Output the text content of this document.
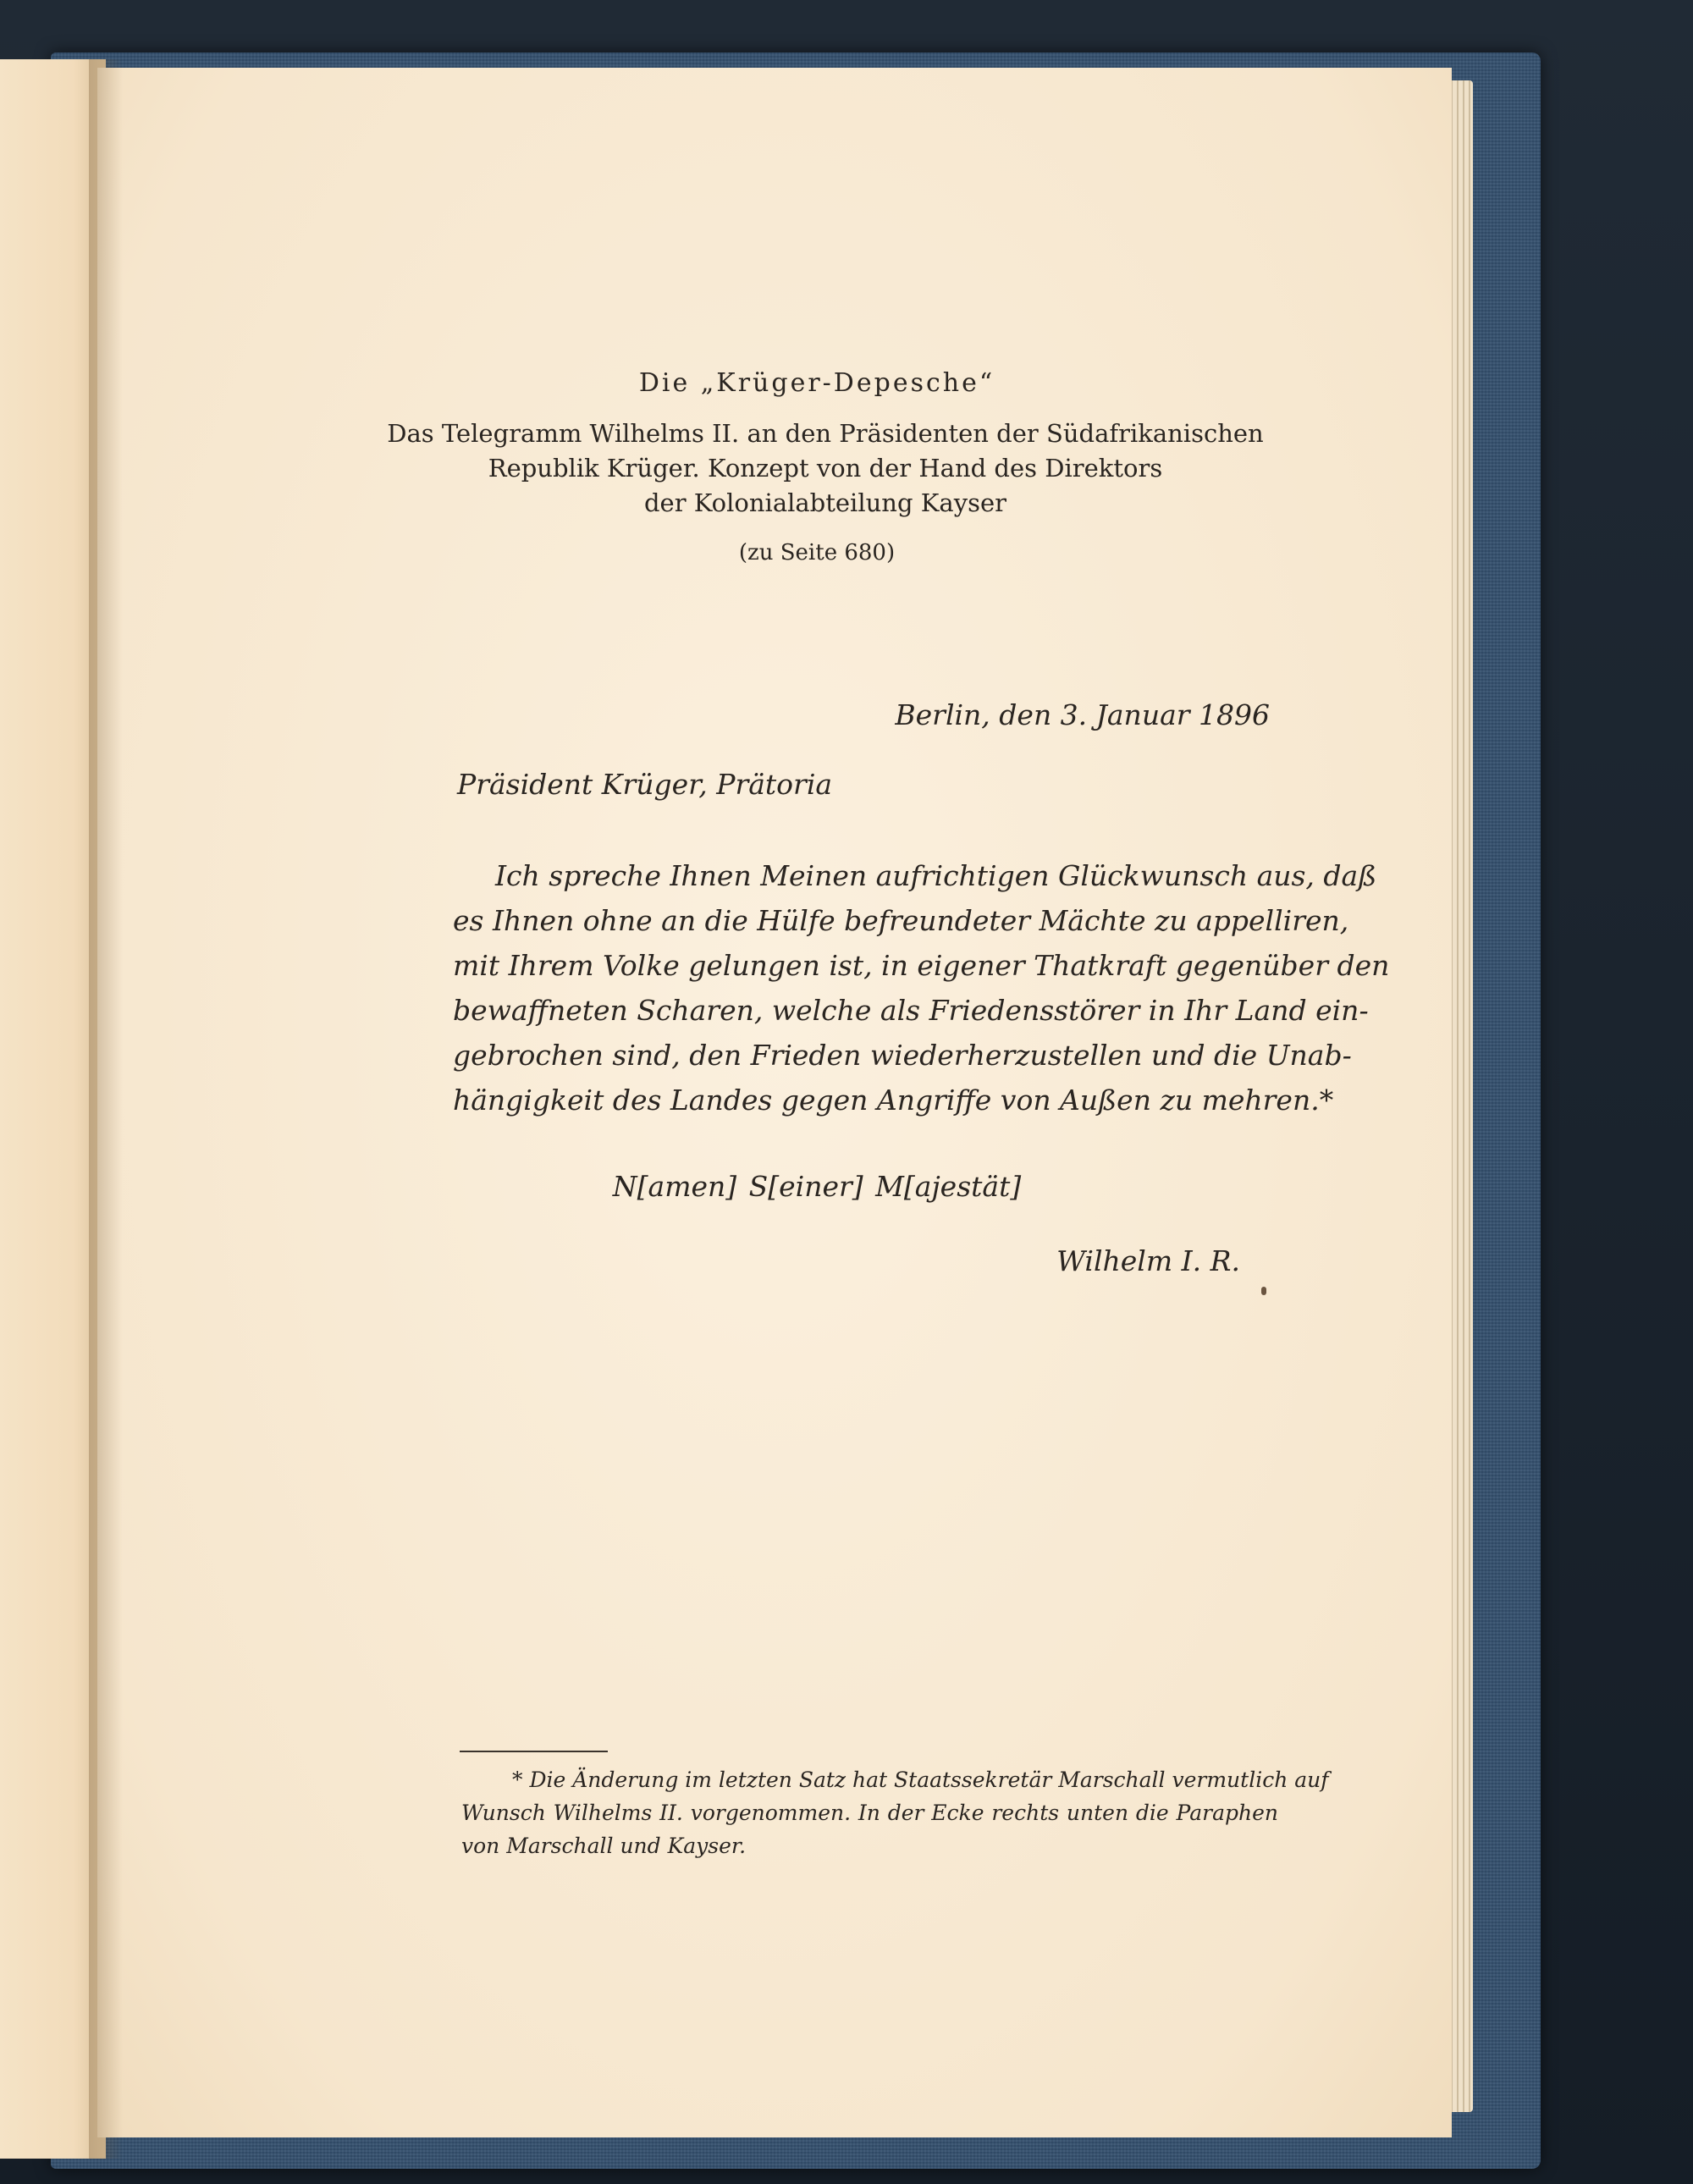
Die „Krüger-Depesche“
Das Telegramm Wilhelms II. an den Präsidenten der Südafrikanischen
Republik Krüger. Konzept von der Hand des Direktors
der Kolonialabteilung Kayser
(zu Seite 680)
Berlin, den 3. Januar 1896
Präsident Krüger, Prätoria
Ich spreche Ihnen Meinen aufrichtigen Glückwunsch aus, daß
es Ihnen ohne an die Hülfe befreundeter Mächte zu appelliren,
mit Ihrem Volke gelungen ist, in eigener Thatkraft gegenüber den
bewaffneten Scharen, welche als Friedensstörer in Ihr Land ein-
gebrochen sind, den Frieden wiederherzustellen und die Unab-
hängigkeit des Landes gegen Angriffe von Außen zu mehren.*
N[amen] S[einer] M[ajestät]
Wilhelm I. R.
* Die Änderung im letzten Satz hat Staatssekretär Marschall vermutlich auf
Wunsch Wilhelms II. vorgenommen. In der Ecke rechts unten die Paraphen
von Marschall und Kayser.
